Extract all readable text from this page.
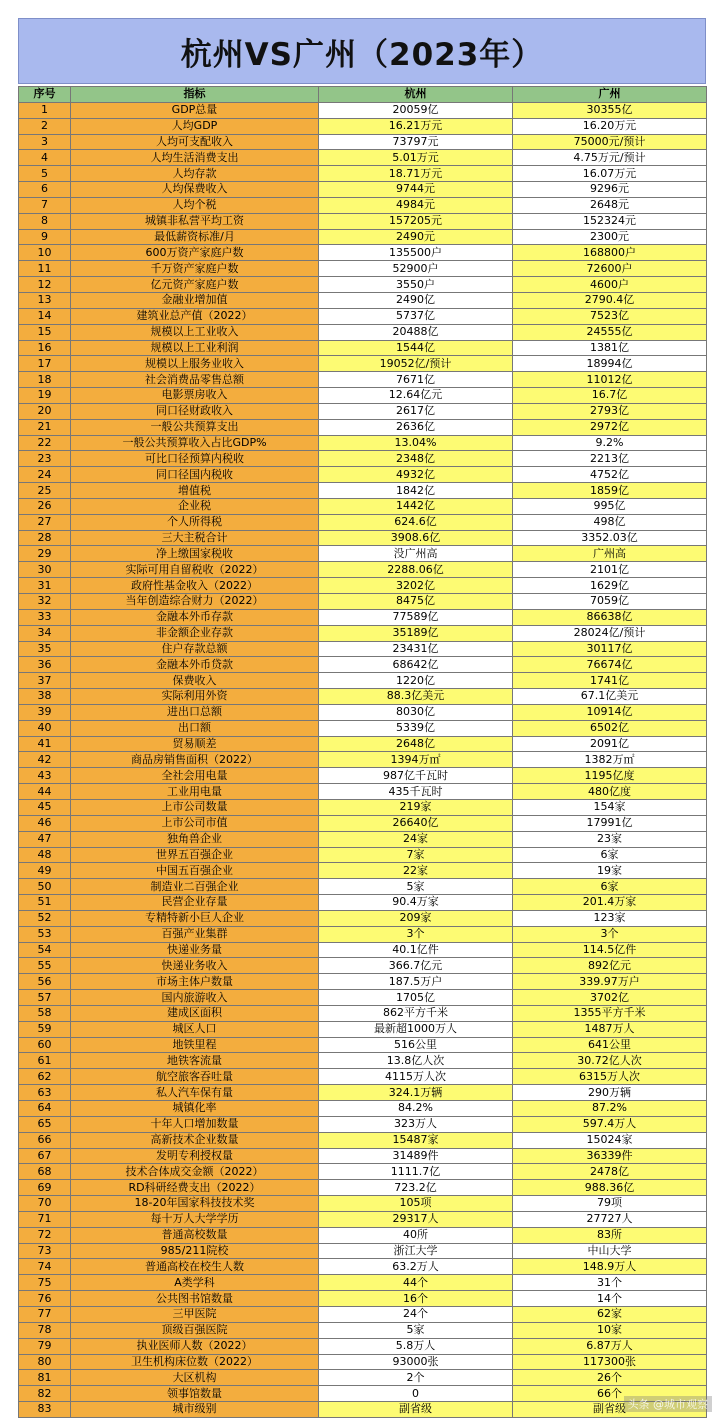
杭州VS广州（2023年）
序号	指标	杭州	广州
1	GDP总量	20059亿	30355亿
2	人均GDP	16.21万元	16.20万元
3	人均可支配收入	73797元	75000元/预计
4	人均生活消费支出	5.01万元	4.75万元/预计
5	人均存款	18.71万元	16.07万元
6	人均保费收入	9744元	9296元
7	人均个税	4984元	2648元
8	城镇非私营平均工资	157205元	152324元
9	最低薪资标准/月	2490元	2300元
10	600万资产家庭户数	135500户	168800户
11	千万资产家庭户数	52900户	72600户
12	亿元资产家庭户数	3550户	4600户
13	金融业增加值	2490亿	2790.4亿
14	建筑业总产值（2022）	5737亿	7523亿
15	规模以上工业收入	20488亿	24555亿
16	规模以上工业利润	1544亿	1381亿
17	规模以上服务业收入	19052亿/预计	18994亿
18	社会消费品零售总额	7671亿	11012亿
19	电影票房收入	12.64亿元	16.7亿
20	同口径财政收入	2617亿	2793亿
21	一般公共预算支出	2636亿	2972亿
22	一般公共预算收入占比GDP%	13.04%	9.2%
23	可比口径预算内税收	2348亿	2213亿
24	同口径国内税收	4932亿	4752亿
25	增值税	1842亿	1859亿
26	企业税	1442亿	995亿
27	个人所得税	624.6亿	498亿
28	三大主税合计	3908.6亿	3352.03亿
29	净上缴国家税收	没广州高	广州高
30	实际可用自留税收（2022）	2288.06亿	2101亿
31	政府性基金收入（2022）	3202亿	1629亿
32	当年创造综合财力（2022）	8475亿	7059亿
33	金融本外币存款	77589亿	86638亿
34	非金额企业存款	35189亿	28024亿/预计
35	住户存款总额	23431亿	30117亿
36	金融本外币贷款	68642亿	76674亿
37	保费收入	1220亿	1741亿
38	实际利用外资	88.3亿美元	67.1亿美元
39	进出口总额	8030亿	10914亿
40	出口额	5339亿	6502亿
41	贸易顺差	2648亿	2091亿
42	商品房销售面积（2022）	1394万㎡	1382万㎡
43	全社会用电量	987亿千瓦时	1195亿度
44	工业用电量	435千瓦时	480亿度
45	上市公司数量	219家	154家
46	上市公司市值	26640亿	17991亿
47	独角兽企业	24家	23家
48	世界五百强企业	7家	6家
49	中国五百强企业	22家	19家
50	制造业二百强企业	5家	6家
51	民营企业存量	90.4万家	201.4万家
52	专精特新小巨人企业	209家	123家
53	百强产业集群	3个	3个
54	快递业务量	40.1亿件	114.5亿件
55	快递业务收入	366.7亿元	892亿元
56	市场主体户数量	187.5万户	339.97万户
57	国内旅游收入	1705亿	3702亿
58	建成区面积	862平方千米	1355平方千米
59	城区人口	最新超1000万人	1487万人
60	地铁里程	516公里	641公里
61	地铁客流量	13.8亿人次	30.72亿人次
62	航空旅客吞吐量	4115万人次	6315万人次
63	私人汽车保有量	324.1万辆	290万辆
64	城镇化率	84.2%	87.2%
65	十年人口增加数量	323万人	597.4万人
66	高新技术企业数量	15487家	15024家
67	发明专利授权量	31489件	36339件
68	技术合体成交金额（2022）	1111.7亿	2478亿
69	RD科研经费支出（2022）	723.2亿	988.36亿
70	18-20年国家科技技术奖	105项	79项
71	每十万人大学学历	29317人	27727人
72	普通高校数量	40所	83所
73	985/211院校	浙江大学	中山大学
74	普通高校在校生人数	63.2万人	148.9万人
75	A类学科	44个	31个
76	公共图书馆数量	16个	14个
77	三甲医院	24个	62家
78	顶级百强医院	5家	10家
79	执业医师人数（2022）	5.8万人	6.87万人
80	卫生机构床位数（2022）	93000张	117300张
81	大区机构	2个	26个
82	领事馆数量	0	66个
83	城市级别	副省级	副省级 头条 @城市观察
